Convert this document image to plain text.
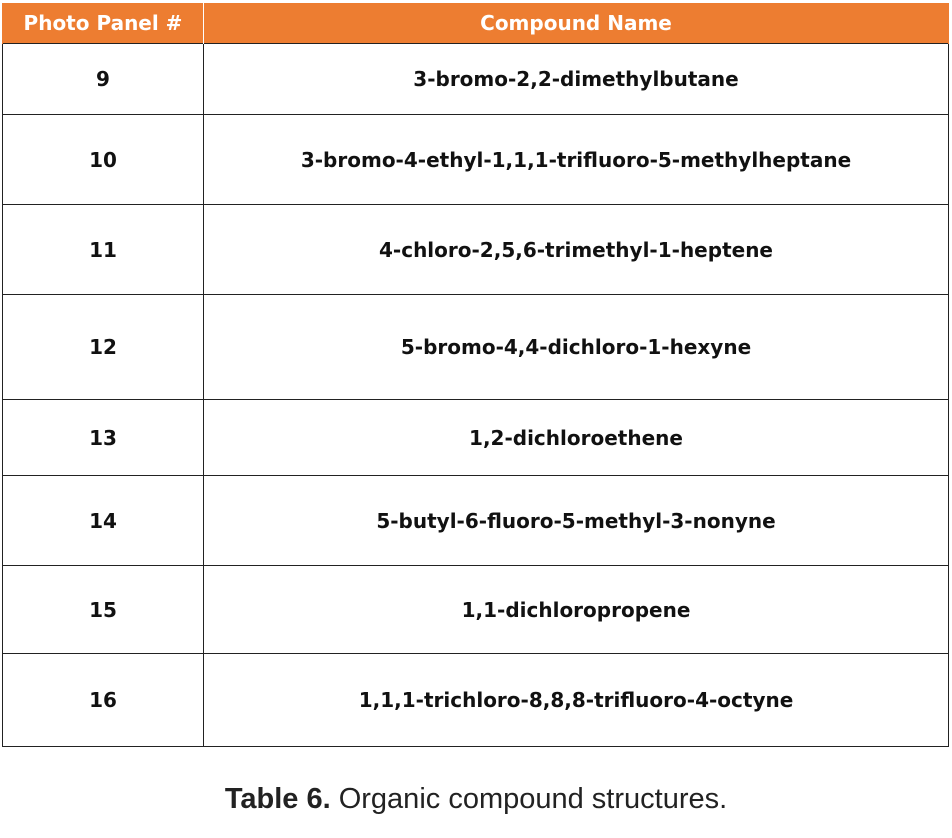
Photo Panel #	Compound Name
9	3-bromo-2,2-dimethylbutane
10	3-bromo-4-ethyl-1,1,1-trifluoro-5-methylheptane
11	4-chloro-2,5,6-trimethyl-1-heptene
12	5-bromo-4,4-dichloro-1-hexyne
13	1,2-dichloroethene
14	5-butyl-6-fluoro-5-methyl-3-nonyne
15	1,1-dichloropropene
16	1,1,1-trichloro-8,8,8-trifluoro-4-octyne
Table 6. Organic compound structures.
